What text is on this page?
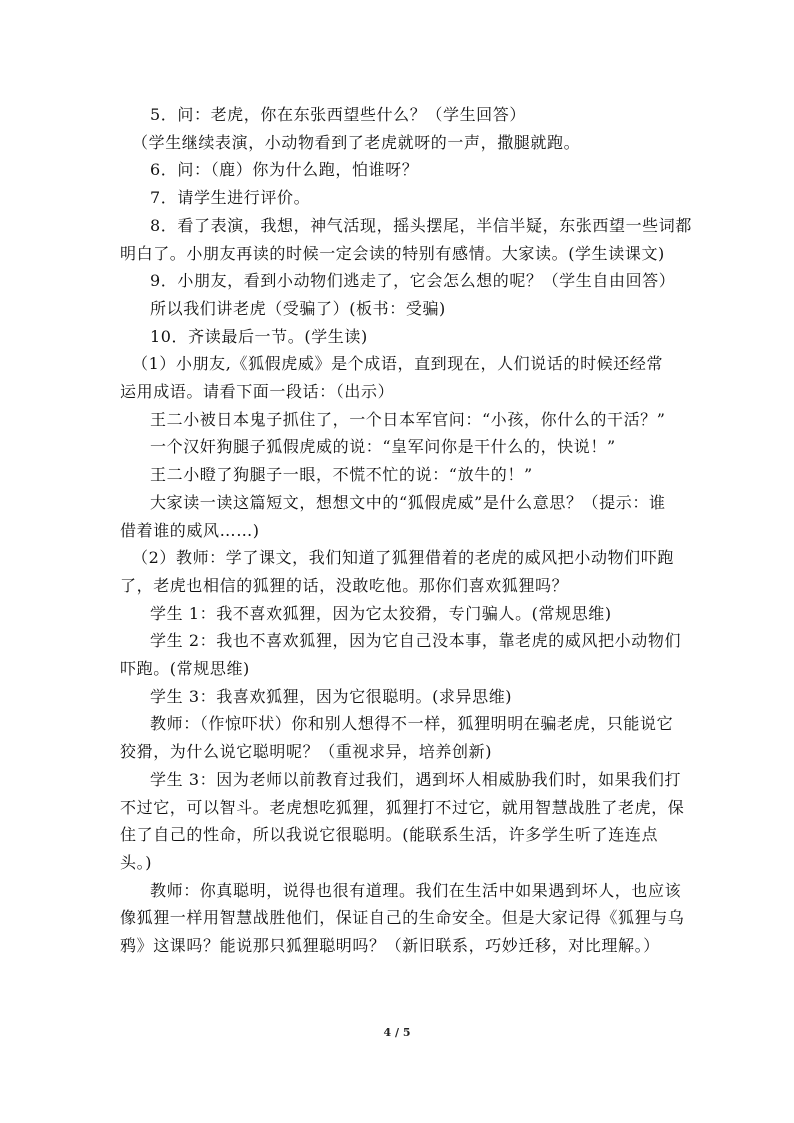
5．问：老虎，你在东张西望些什么？（学生回答）
（学生继续表演，小动物看到了老虎就呀的一声，撒腿就跑。
6．问：（鹿）你为什么跑，怕谁呀？
7．请学生进行评价。
8．看了表演，我想，神气活现，摇头摆尾，半信半疑，东张西望一些词都
明白了。小朋友再读的时候一定会读的特别有感情。大家读。(学生读课文)
9．小朋友，看到小动物们逃走了，它会怎么想的呢？（学生自由回答）
所以我们讲老虎（受骗了）(板书：受骗)
10．齐读最后一节。(学生读)
（1）小朋友,《狐假虎威》是个成语，直到现在，人们说话的时候还经常
运用成语。请看下面一段话：（出示）
王二小被日本鬼子抓住了，一个日本军官问：“小孩，你什么的干活？”
一个汉奸狗腿子狐假虎威的说：“皇军问你是干什么的，快说！”
王二小瞪了狗腿子一眼，不慌不忙的说：“放牛的！”
大家读一读这篇短文，想想文中的“狐假虎威”是什么意思？（提示：谁
借着谁的威风……)
（2）教师：学了课文，我们知道了狐狸借着的老虎的威风把小动物们吓跑
了，老虎也相信的狐狸的话，没敢吃他。那你们喜欢狐狸吗？
学生 1：我不喜欢狐狸，因为它太狡猾，专门骗人。(常规思维)
学生 2：我也不喜欢狐狸，因为它自己没本事，靠老虎的威风把小动物们
吓跑。(常规思维)
学生 3：我喜欢狐狸，因为它很聪明。(求异思维)
教师：（作惊吓状）你和别人想得不一样，狐狸明明在骗老虎，只能说它
狡猾，为什么说它聪明呢？（重视求异，培养创新)
学生 3：因为老师以前教育过我们，遇到坏人相威胁我们时，如果我们打
不过它，可以智斗。老虎想吃狐狸，狐狸打不过它，就用智慧战胜了老虎，保
住了自己的性命，所以我说它很聪明。(能联系生活，许多学生听了连连点
头。)
教师：你真聪明，说得也很有道理。我们在生活中如果遇到坏人，也应该
像狐狸一样用智慧战胜他们，保证自己的生命安全。但是大家记得《狐狸与乌
鸦》这课吗？能说那只狐狸聪明吗？（新旧联系，巧妙迁移，对比理解。）
4 / 5
